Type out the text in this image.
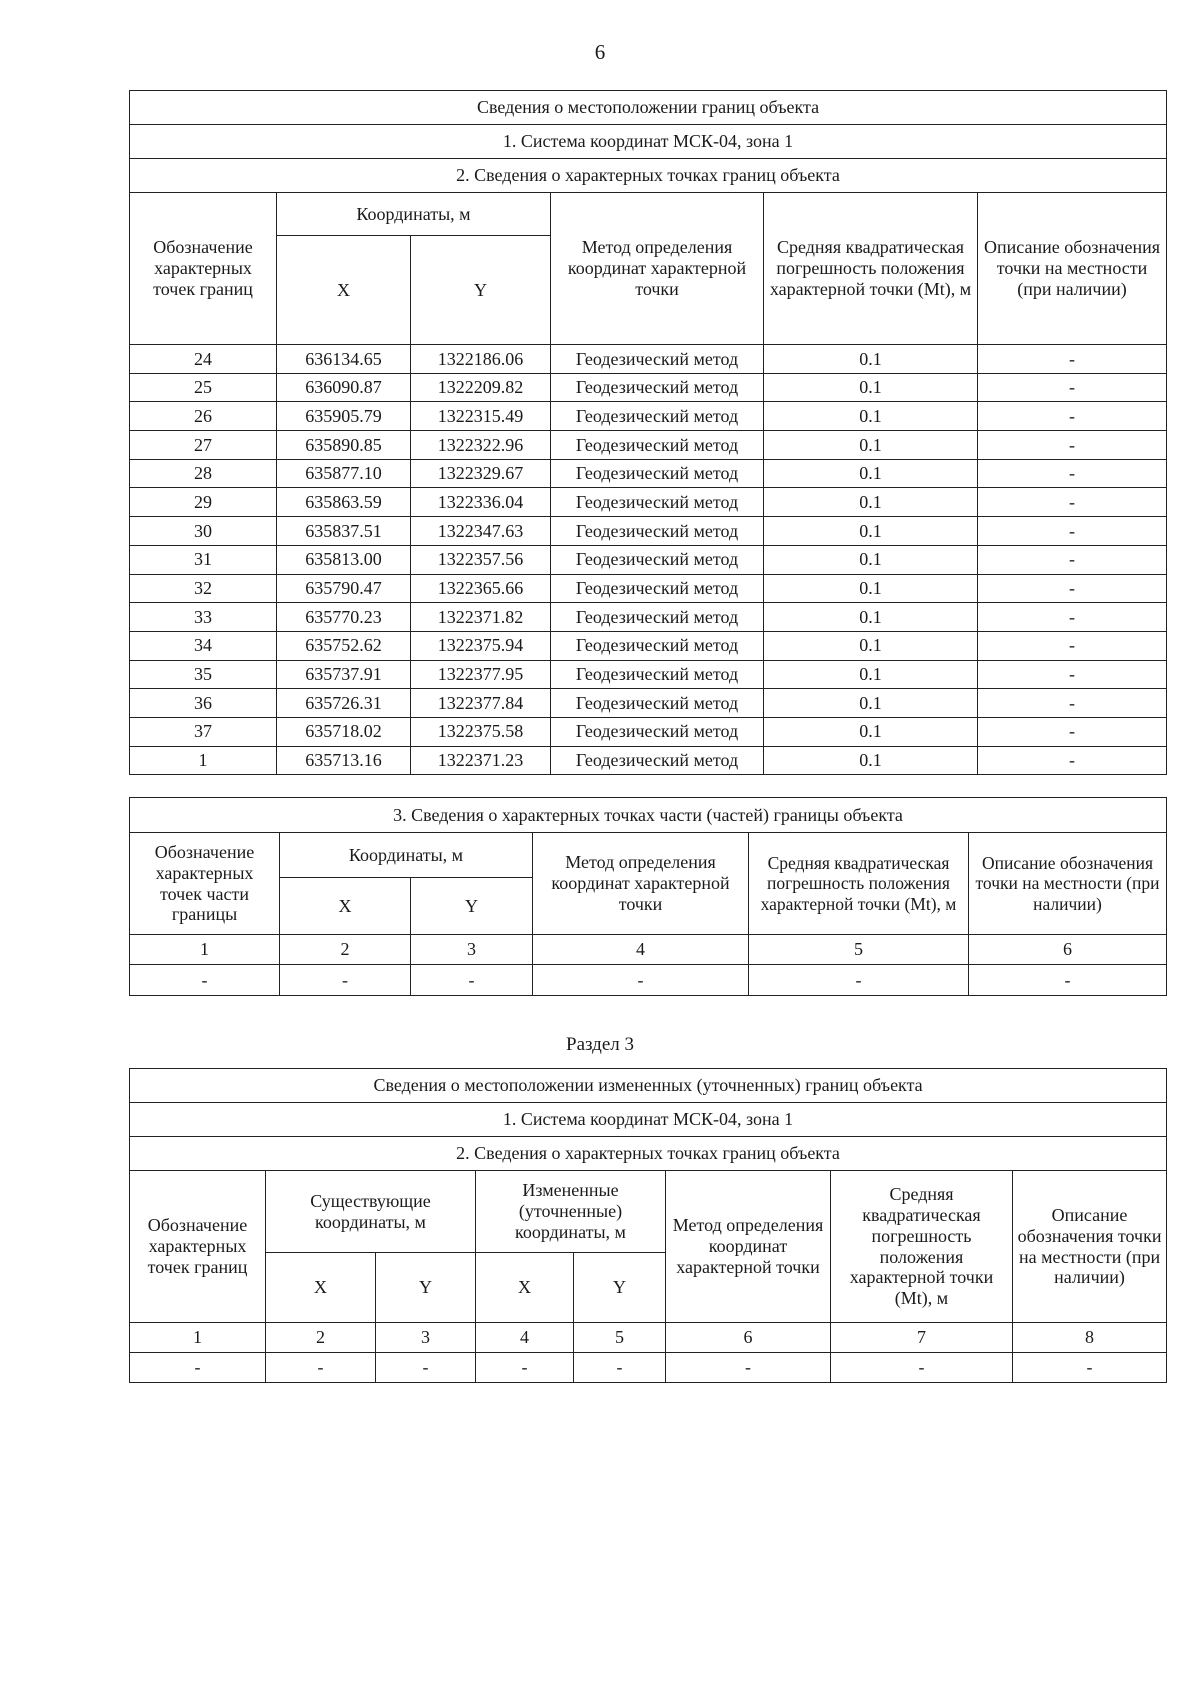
6
Сведения о местоположении границ объекта					
1. Система координат МСК-04, зона 1					
2. Сведения о характерных точках границ объекта					
Обозначение характерных точек границ	Координаты, м		Метод определения координат характерной точки	Средняя квадратическая погрешность положения характерной точки (Mt), м	Описание обозначения точки на местности (при наличии)
	X	Y			
24	636134.65	1322186.06	Геодезический метод	0.1	-
25	636090.87	1322209.82	Геодезический метод	0.1	-
26	635905.79	1322315.49	Геодезический метод	0.1	-
27	635890.85	1322322.96	Геодезический метод	0.1	-
28	635877.10	1322329.67	Геодезический метод	0.1	-
29	635863.59	1322336.04	Геодезический метод	0.1	-
30	635837.51	1322347.63	Геодезический метод	0.1	-
31	635813.00	1322357.56	Геодезический метод	0.1	-
32	635790.47	1322365.66	Геодезический метод	0.1	-
33	635770.23	1322371.82	Геодезический метод	0.1	-
34	635752.62	1322375.94	Геодезический метод	0.1	-
35	635737.91	1322377.95	Геодезический метод	0.1	-
36	635726.31	1322377.84	Геодезический метод	0.1	-
37	635718.02	1322375.58	Геодезический метод	0.1	-
1	635713.16	1322371.23	Геодезический метод	0.1	-
3. Сведения о характерных точках части (частей) границы объекта					
Обозначение характерных точек части границы	Координаты, м		Метод определения координат характерной точки	Средняя квадратическая погрешность положения характерной точки (Mt), м	Описание обозначения точки на местности (при наличии)
	X	Y			
1	2	3	4	5	6
-	-	-	-	-	-
Раздел 3
Сведения о местоположении измененных (уточненных) границ объекта							
1. Система координат МСК-04, зона 1							
2. Сведения о характерных точках границ объекта							
Обозначение характерных точек границ	Существующие координаты, м		Измененные (уточненные) координаты, м		Метод определения координат характерной точки	Средняя квадратическая погрешность положения характерной точки (Mt), м	Описание обозначения точки на местности (при наличии)
	X	Y	X	Y			
1	2	3	4	5	6	7	8
-	-	-	-	-	-	-	-
